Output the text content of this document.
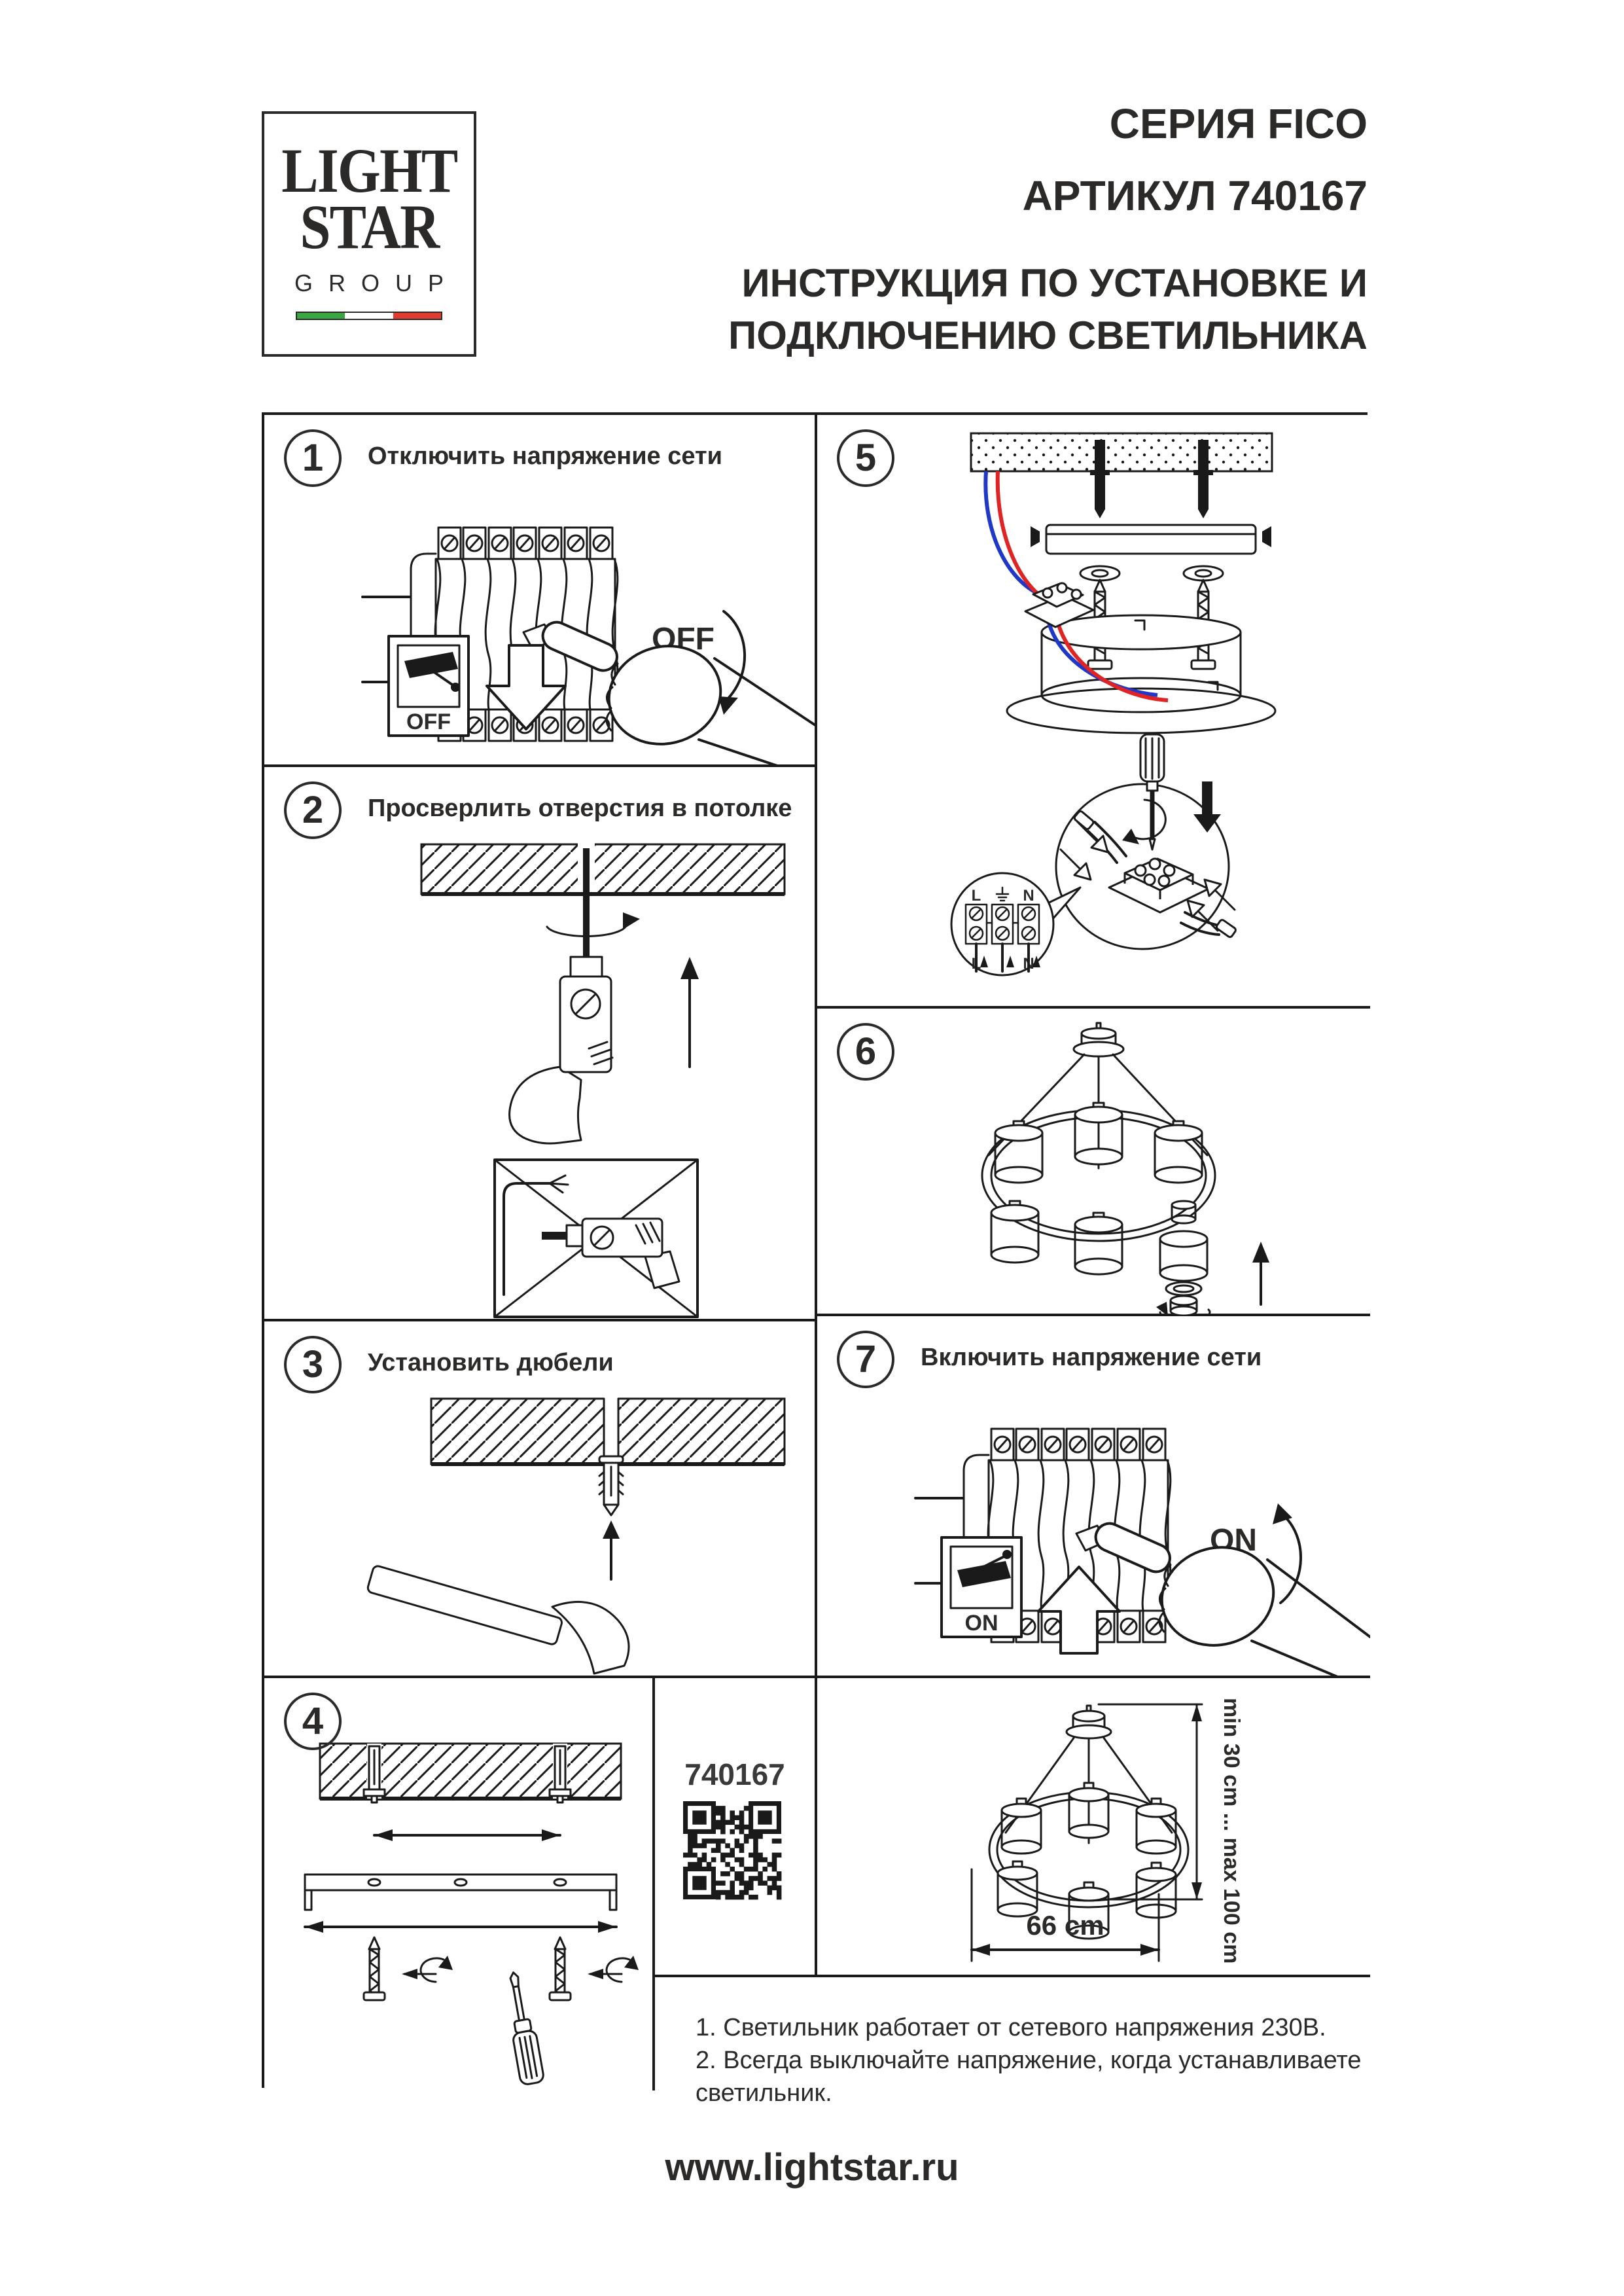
LIGHT
STAR
GROUP
СЕРИЯ FICO
АРТИКУЛ 740167
ИНСТРУКЦИЯ ПО УСТАНОВКЕ И
ПОДКЛЮЧЕНИЮ СВЕТИЛЬНИКА
OFF
OFF
1	Отключить напряжение сети
2	Просверлить отверстия в потолке
3	Установить дюбели
4
740167
L	N
L	N
5
6
ON
ON
7	Включить напряжение сети
min 30 cm ... max 100 cm
66 cm
1. Светильник работает от сетевого напряжения 230В.
2. Всегда выключайте напряжение, когда устанавливаете светильник.
www.lightstar.ru
